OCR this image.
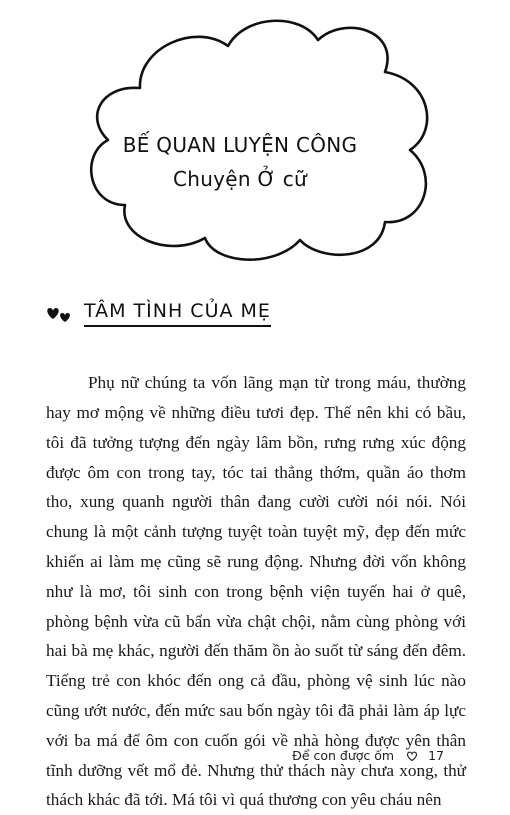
BẾ QUAN LUYỆN CÔNG
Chuyện Ở cữ
TÂM TÌNH CỦA MẸ

Phụ nữ chúng ta vốn lãng mạn từ trong máu, thường hay mơ mộng về những điều tươi đẹp. Thế nên khi có bầu, tôi đã tưởng tượng đến ngày lâm bồn, rưng rưng xúc động được ôm con trong tay, tóc tai thẳng thớm, quần áo thơm tho, xung quanh người thân đang cười cười nói nói. Nói chung là một cảnh tượng tuyệt toàn tuyệt mỹ, đẹp đến mức khiến ai làm mẹ cũng sẽ rung động. Nhưng đời vốn không như là mơ, tôi sinh con trong bệnh viện tuyến hai ở quê, phòng bệnh vừa cũ bẩn vừa chật chội, nằm cùng phòng với hai bà mẹ khác, người đến thăm ồn ào suốt từ sáng đến đêm. Tiếng trẻ con khóc đến ong cả đầu, phòng vệ sinh lúc nào cũng ướt nước, đến mức sau bốn ngày tôi đã phải làm áp lực với ba má để ôm con cuốn gói về nhà hòng được yên thân tĩnh dưỡng vết mổ đẻ. Nhưng thử thách này chưa xong, thử thách khác đã tới. Má tôi vì quá thương con yêu cháu nên

Để con được ốm	17
